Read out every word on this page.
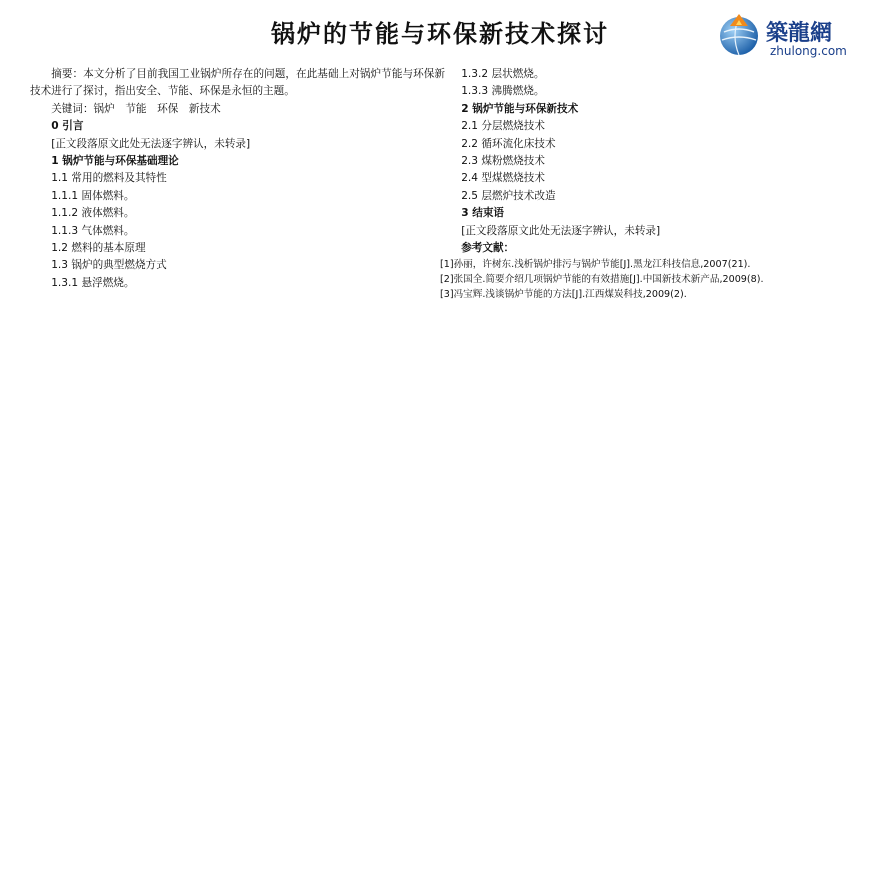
锅炉的节能与环保新技术探讨	築龍網
zhulong.com

摘要：本文分析了目前我国工业锅炉所存在的问题，在此基础上对锅炉节能与环保新技术进行了探讨，指出安全、节能、环保是永恒的主题。

关键词：锅炉　节能　环保　新技术

0 引言

[正文段落原文此处无法逐字辨认，未转录]

1 锅炉节能与环保基础理论

1.1 常用的燃料及其特性

1.1.1 固体燃料。

1.1.2 液体燃料。

1.1.3 气体燃料。

1.2 燃料的基本原理

1.3 锅炉的典型燃烧方式

1.3.1 悬浮燃烧。

1.3.2 层状燃烧。

1.3.3 沸腾燃烧。

2 锅炉节能与环保新技术

2.1 分层燃烧技术

2.2 循环流化床技术

2.3 煤粉燃烧技术

2.4 型煤燃烧技术

2.5 层燃炉技术改造

3 结束语

[正文段落原文此处无法逐字辨认，未转录]

参考文献：

[1]孙丽，许树东.浅析锅炉排污与锅炉节能[J].黑龙江科技信息,2007(21).

[2]张国全.简要介绍几项锅炉节能的有效措施[J].中国新技术新产品,2009(8).

[3]冯宝辉.浅谈锅炉节能的方法[J].江西煤炭科技,2009(2).
